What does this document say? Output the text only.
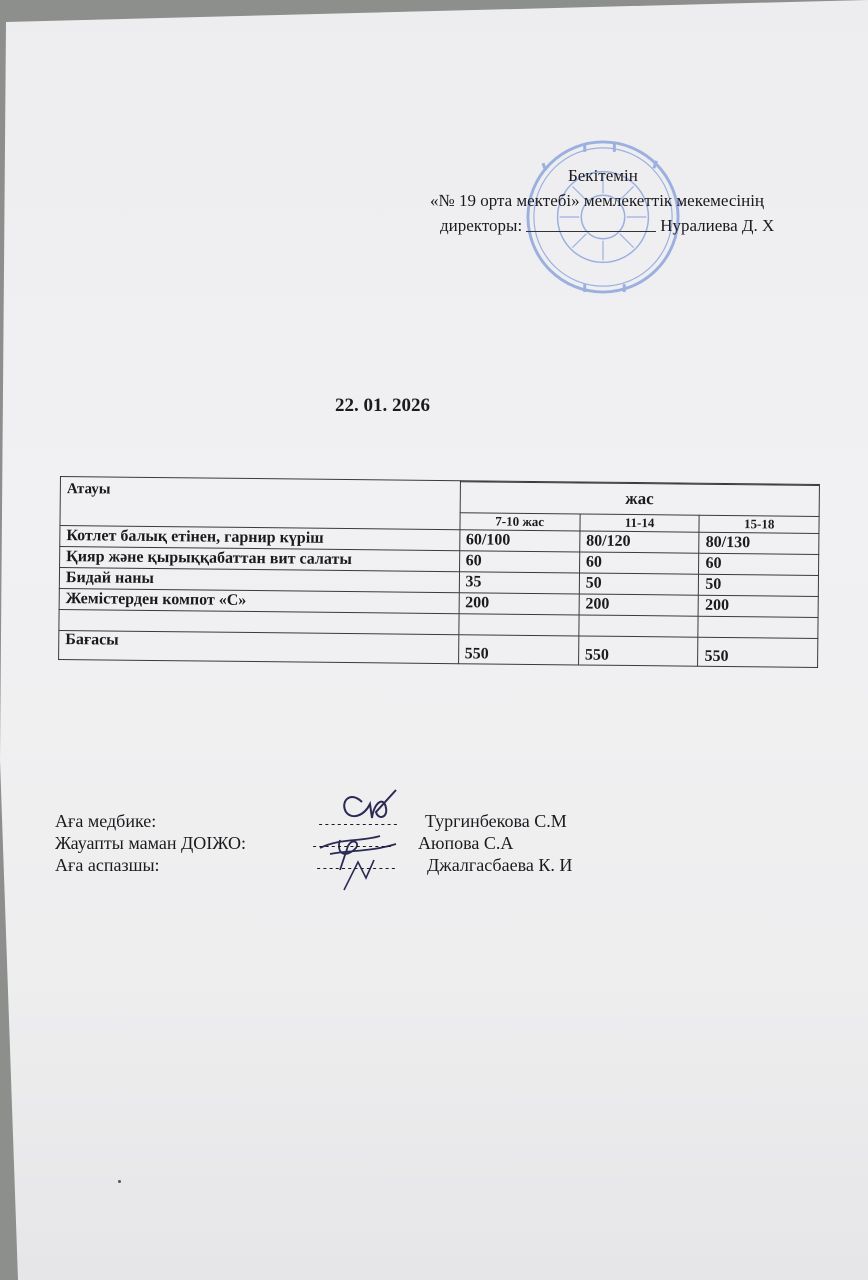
Бекітемін
«№ 19 орта мектебі» мемлекеттік мекемесінің
директоры:	Нуралиева Д. Х
22. 01. 2026
Атауы			
	жас		
	7-10 жас	11-14	15-18
Котлет балық етінен, гарнир күріш	60/100	80/120	80/130
Қияр және қырыққабаттан вит салаты	60	60	60
Бидай наны	35	50	50
Жемістерден компот «С»	200	200	200

Бағасы	550	550	550
Аға медбике:	------------- Тургинбекова С.М
Жауапты маман ДОІЖО:	------------- Аюпова С.А
Аға аспазшы:	------------- Джалгасбаева К. И
